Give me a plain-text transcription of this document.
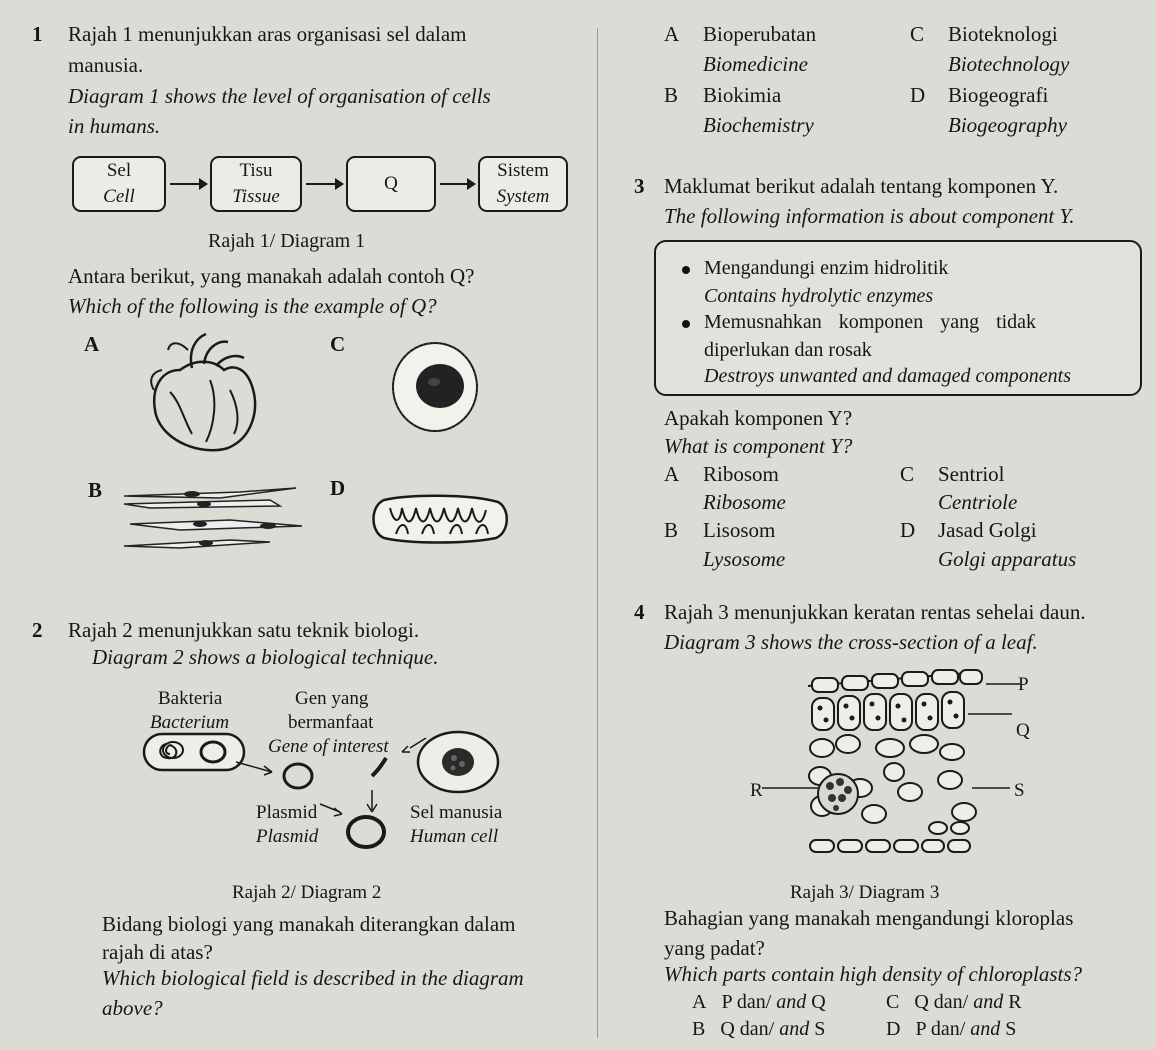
1 Rajah 1 menunjukkan aras organisasi sel dalam
manusia.
Diagram 1 shows the level of organisation of cells
in humans.
Sel
Cell
Tisu
Tissue
Q
Sistem
System
Rajah 1/ Diagram 1
Antara berikut, yang manakah adalah contoh Q?
Which of the following is the example of Q?
A	C
B	D
A Bioperubatan
Biomedicine
C Bioteknologi
Biotechnology
B Biokimia
Biochemistry
D Biogeografi
Biogeography
3 Maklumat berikut adalah tentang komponen Y.
The following information is about component Y.
Mengandungi enzim hidrolitik
Contains hydrolytic enzymes
Memusnahkan komponen yang tidak
diperlukan dan rosak
Destroys unwanted and damaged components
Apakah komponen Y?
What is component Y?
A Ribosom
Ribosome
C Sentriol
Centriole
B Lisosom
Lysosome
D Jasad Golgi
Golgi apparatus
2 Rajah 2 menunjukkan satu teknik biologi.
Diagram 2 shows a biological technique.
Bakteria
Bacterium
Gen yang
bermanfaat
Gene of interest
Plasmid
Plasmid
Sel manusia
Human cell
Rajah 2/ Diagram 2
Bidang biologi yang manakah diterangkan dalam
rajah di atas?
Which biological field is described in the diagram
above?
4 Rajah 3 menunjukkan keratan rentas sehelai daun.
Diagram 3 shows the cross-section of a leaf.
P
Q
R	S
Rajah 3/ Diagram 3
Bahagian yang manakah mengandungi kloroplas
yang padat?
Which parts contain high density of chloroplasts?
A P dan/ and Q	C Q dan/ and R
B Q dan/ and S	D P dan/ and S
